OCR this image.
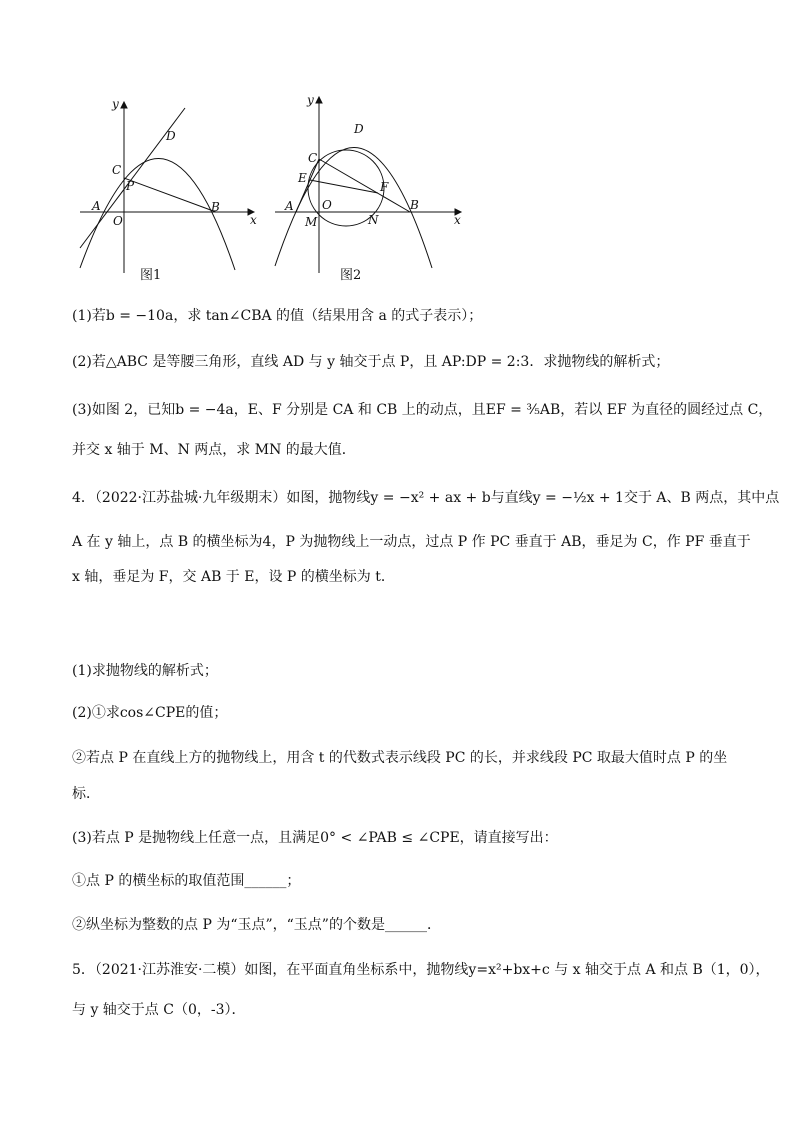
y
x
A
O
B
C
P
D
图1
y
x
A O	B
C
D
E
F
M	N
图2
(1)若b = −10a，求 tan∠CBA 的值（结果用含 a 的式子表示）；
(2)若△ABC 是等腰三角形，直线 AD 与 y 轴交于点 P，且 AP:DP = 2:3．求抛物线的解析式；
(3)如图 2，已知b = −4a，E、F 分别是 CA 和 CB 上的动点，且EF = ³⁄₅AB，若以 EF 为直径的圆经过点 C，
并交 x 轴于 M、N 两点，求 MN 的最大值．
4．（2022·江苏盐城·九年级期末）如图，抛物线y = −x² + ax + b与直线y = −½x + 1交于 A、B 两点，其中点
A 在 y 轴上，点 B 的横坐标为4，P 为抛物线上一动点，过点 P 作 PC 垂直于 AB，垂足为 C，作 PF 垂直于
x 轴，垂足为 F，交 AB 于 E，设 P 的横坐标为 t．
(1)求抛物线的解析式；
(2)①求cos∠CPE的值；
②若点 P 在直线上方的抛物线上，用含 t 的代数式表示线段 PC 的长，并求线段 PC 取最大值时点 P 的坐
标．
(3)若点 P 是抛物线上任意一点，且满足0° < ∠PAB ≤ ∠CPE，请直接写出：
①点 P 的横坐标的取值范围______；
②纵坐标为整数的点 P 为“玉点”，“玉点”的个数是______．
5．（2021·江苏淮安·二模）如图，在平面直角坐标系中，抛物线y=x²+bx+c 与 x 轴交于点 A 和点 B（1，0），
与 y 轴交于点 C（0，-3）．
